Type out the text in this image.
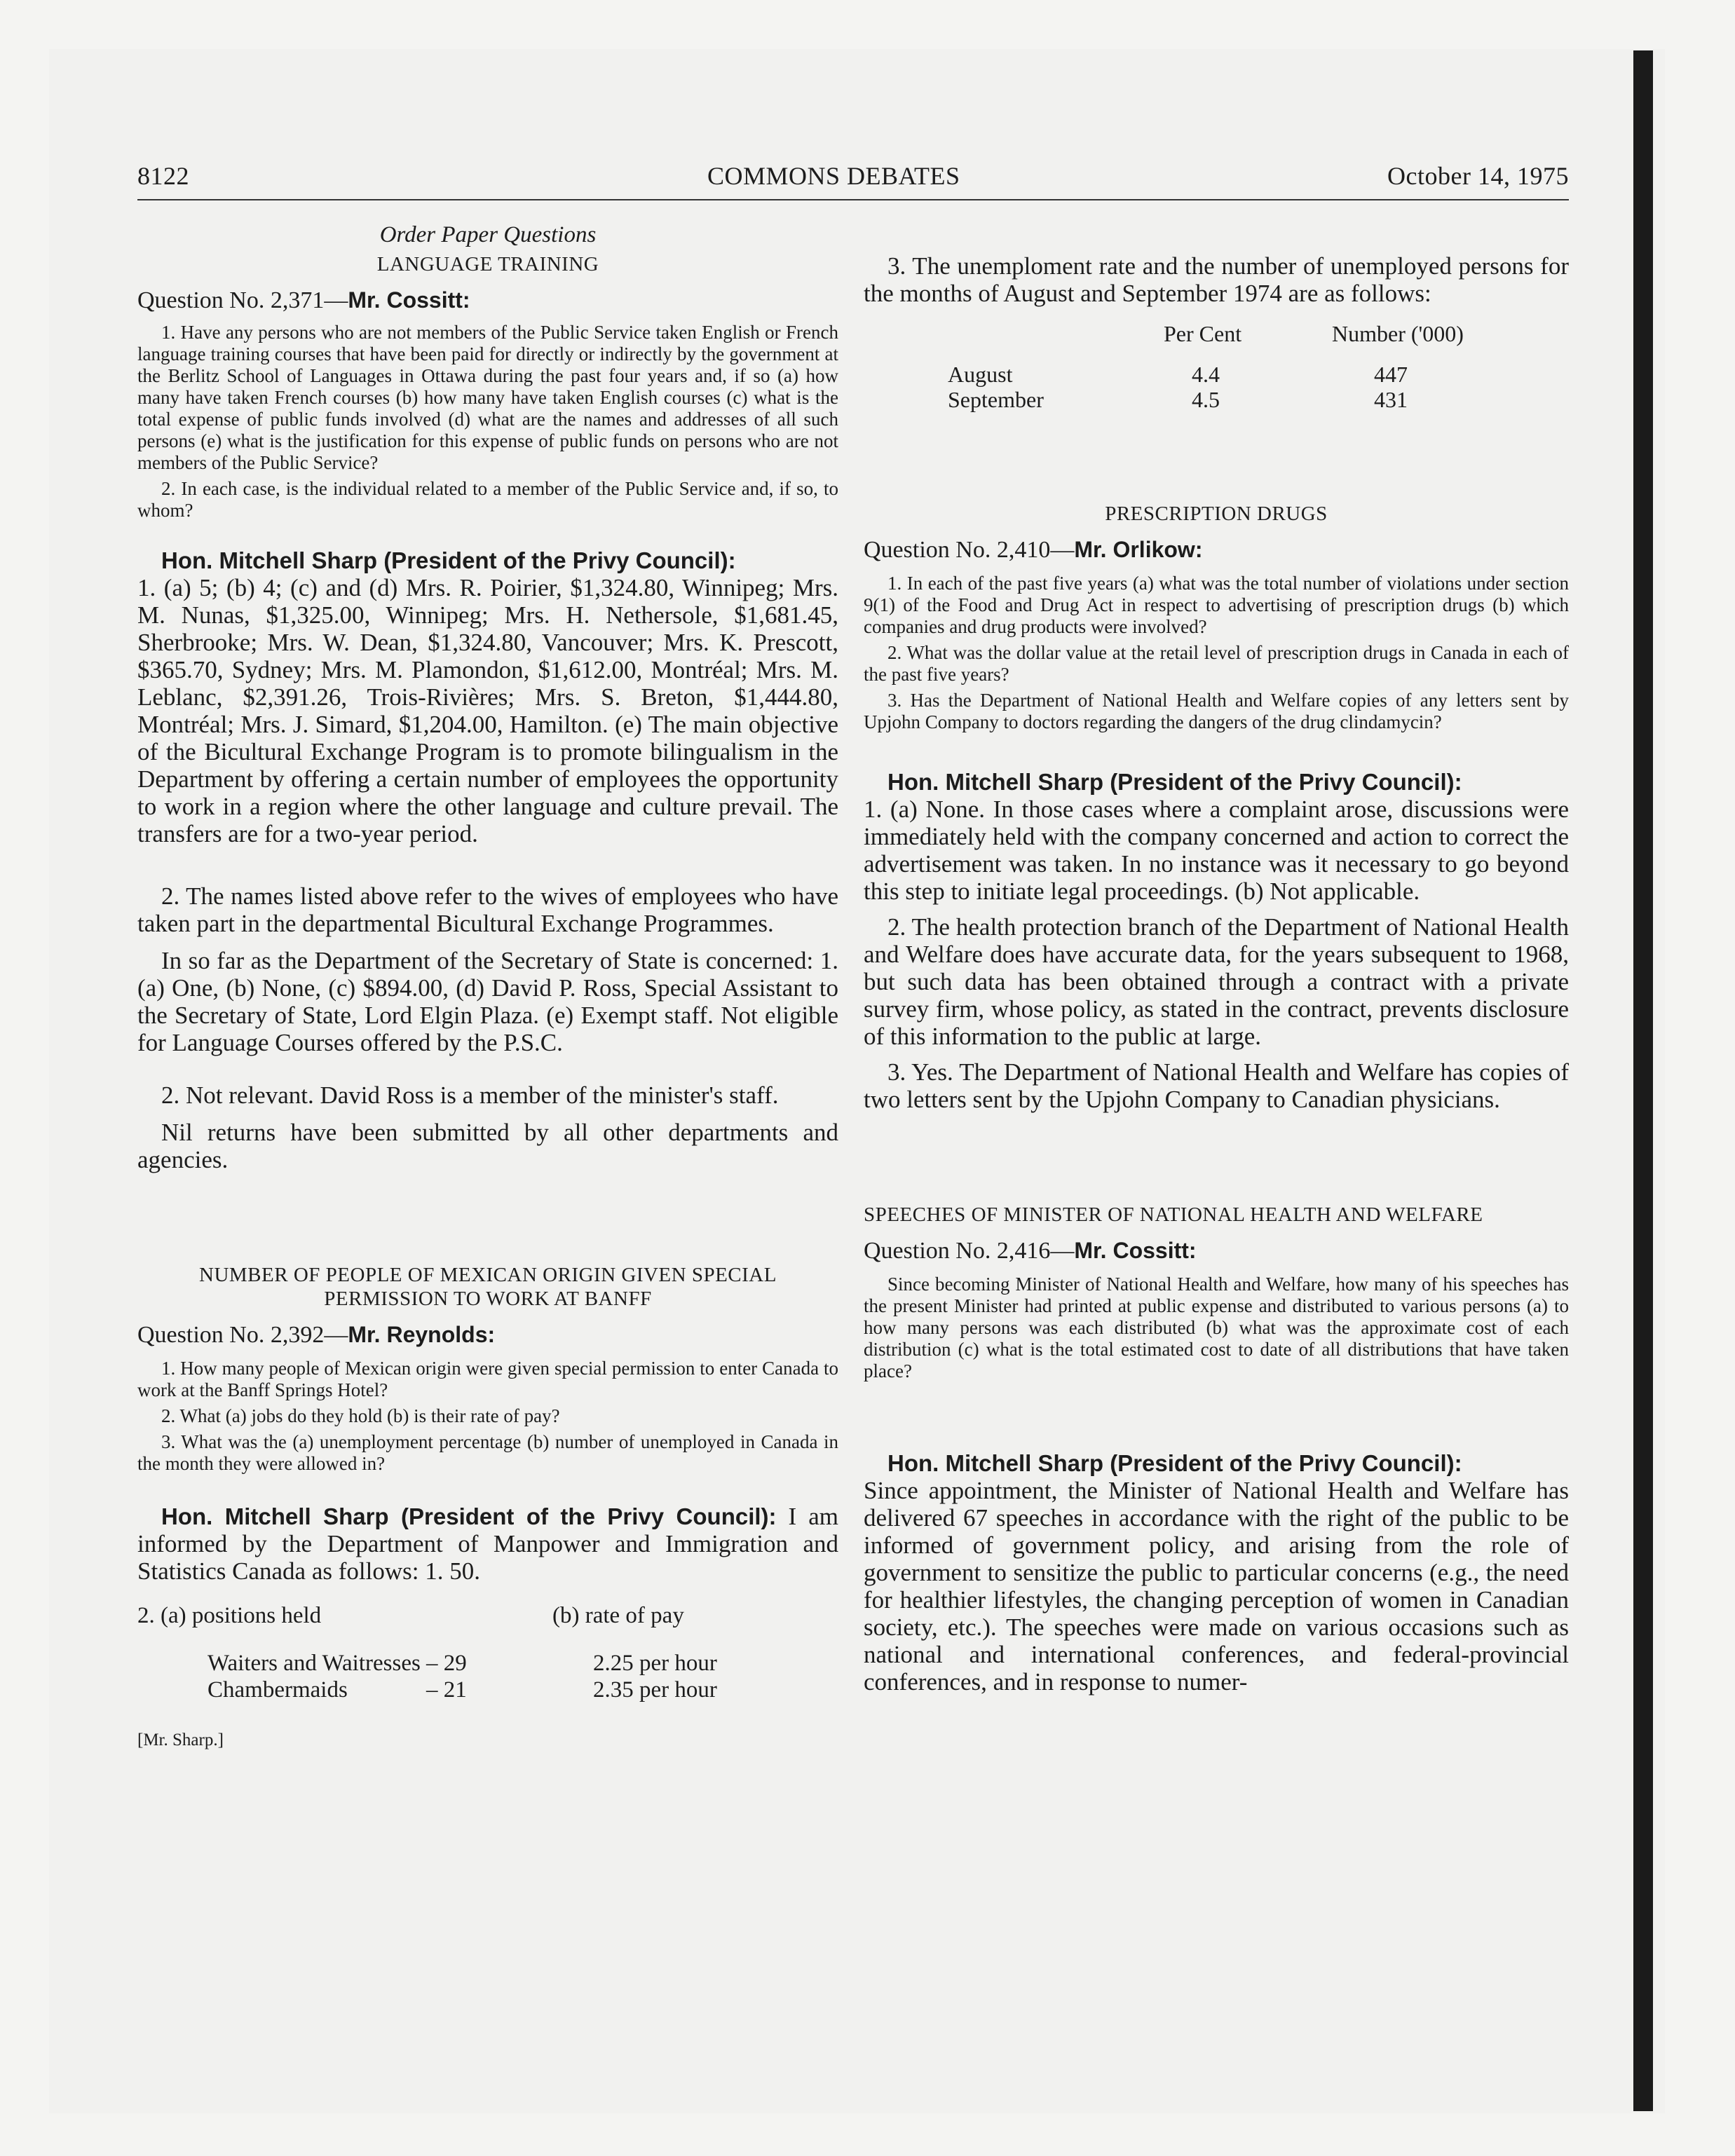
8122	COMMONS DEBATES	October 14, 1975

Order Paper Questions

LANGUAGE TRAINING

Question No. 2,371—Mr. Cossitt:

1. Have any persons who are not members of the Public Service taken English or French language training courses that have been paid for directly or indirectly by the government at the Berlitz School of Languages in Ottawa during the past four years and, if so (a) how many have taken French courses (b) how many have taken English courses (c) what is the total expense of public funds involved (d) what are the names and addresses of all such persons (e) what is the justification for this expense of public funds on persons who are not members of the Public Service?

2. In each case, is the individual related to a member of the Public Service and, if so, to whom?

Hon. Mitchell Sharp (President of the Privy Council):
1. (a) 5; (b) 4; (c) and (d) Mrs. R. Poirier, $1,324.80, Winnipeg; Mrs. M. Nunas, $1,325.00, Winnipeg; Mrs. H. Nethersole, $1,681.45, Sherbrooke; Mrs. W. Dean, $1,324.80, Vancouver; Mrs. K. Prescott, $365.70, Sydney; Mrs. M. Plamondon, $1,612.00, Montréal; Mrs. M. Leblanc, $2,391.26, Trois-Rivières; Mrs. S. Breton, $1,444.80, Montréal; Mrs. J. Simard, $1,204.00, Hamilton. (e) The main objective of the Bicultural Exchange Program is to promote bilingualism in the Department by offering a certain number of employees the opportunity to work in a region where the other language and culture prevail. The transfers are for a two-year period.

2. The names listed above refer to the wives of employees who have taken part in the departmental Bicultural Exchange Programmes.

In so far as the Department of the Secretary of State is concerned: 1. (a) One, (b) None, (c) $894.00, (d) David P. Ross, Special Assistant to the Secretary of State, Lord Elgin Plaza. (e) Exempt staff. Not eligible for Language Courses offered by the P.S.C.

2. Not relevant. David Ross is a member of the minister's staff.

Nil returns have been submitted by all other departments and agencies.

NUMBER OF PEOPLE OF MEXICAN ORIGIN GIVEN SPECIAL PERMISSION TO WORK AT BANFF

Question No. 2,392—Mr. Reynolds:

1. How many people of Mexican origin were given special permission to enter Canada to work at the Banff Springs Hotel?

2. What (a) jobs do they hold (b) is their rate of pay?

3. What was the (a) unemployment percentage (b) number of unemployed in Canada in the month they were allowed in?

Hon. Mitchell Sharp (President of the Privy Council): I am informed by the Department of Manpower and Immigration and Statistics Canada as follows: 1. 50.

2. (a) positions held	(b) rate of pay
Waiters and Waitresses – 29	2.25 per hour
Chambermaids	– 21	2.35 per hour
[Mr. Sharp.]

3. The unemploment rate and the number of unemployed persons for the months of August and September 1974 are as follows:

Per Cent	Number ('000)
August	4.4	447
September	4.5	431

PRESCRIPTION DRUGS

Question No. 2,410—Mr. Orlikow:

1. In each of the past five years (a) what was the total number of violations under section 9(1) of the Food and Drug Act in respect to advertising of prescription drugs (b) which companies and drug products were involved?

2. What was the dollar value at the retail level of prescription drugs in Canada in each of the past five years?

3. Has the Department of National Health and Welfare copies of any letters sent by Upjohn Company to doctors regarding the dangers of the drug clindamycin?

Hon. Mitchell Sharp (President of the Privy Council):
1. (a) None. In those cases where a complaint arose, discussions were immediately held with the company concerned and action to correct the advertisement was taken. In no instance was it necessary to go beyond this step to initiate legal proceedings. (b) Not applicable.

2. The health protection branch of the Department of National Health and Welfare does have accurate data, for the years subsequent to 1968, but such data has been obtained through a contract with a private survey firm, whose policy, as stated in the contract, prevents disclosure of this information to the public at large.

3. Yes. The Department of National Health and Welfare has copies of two letters sent by the Upjohn Company to Canadian physicians.

SPEECHES OF MINISTER OF NATIONAL HEALTH AND WELFARE

Question No. 2,416—Mr. Cossitt:

Since becoming Minister of National Health and Welfare, how many of his speeches has the present Minister had printed at public expense and distributed to various persons (a) to how many persons was each distributed (b) what was the approximate cost of each distribution (c) what is the total estimated cost to date of all distributions that have taken place?

Hon. Mitchell Sharp (President of the Privy Council):
Since appointment, the Minister of National Health and Welfare has delivered 67 speeches in accordance with the right of the public to be informed of government policy, and arising from the role of government to sensitize the public to particular concerns (e.g., the need for healthier lifestyles, the changing perception of women in Canadian society, etc.). The speeches were made on various occasions such as national and international conferences, and federal-provincial conferences, and in response to numer-
